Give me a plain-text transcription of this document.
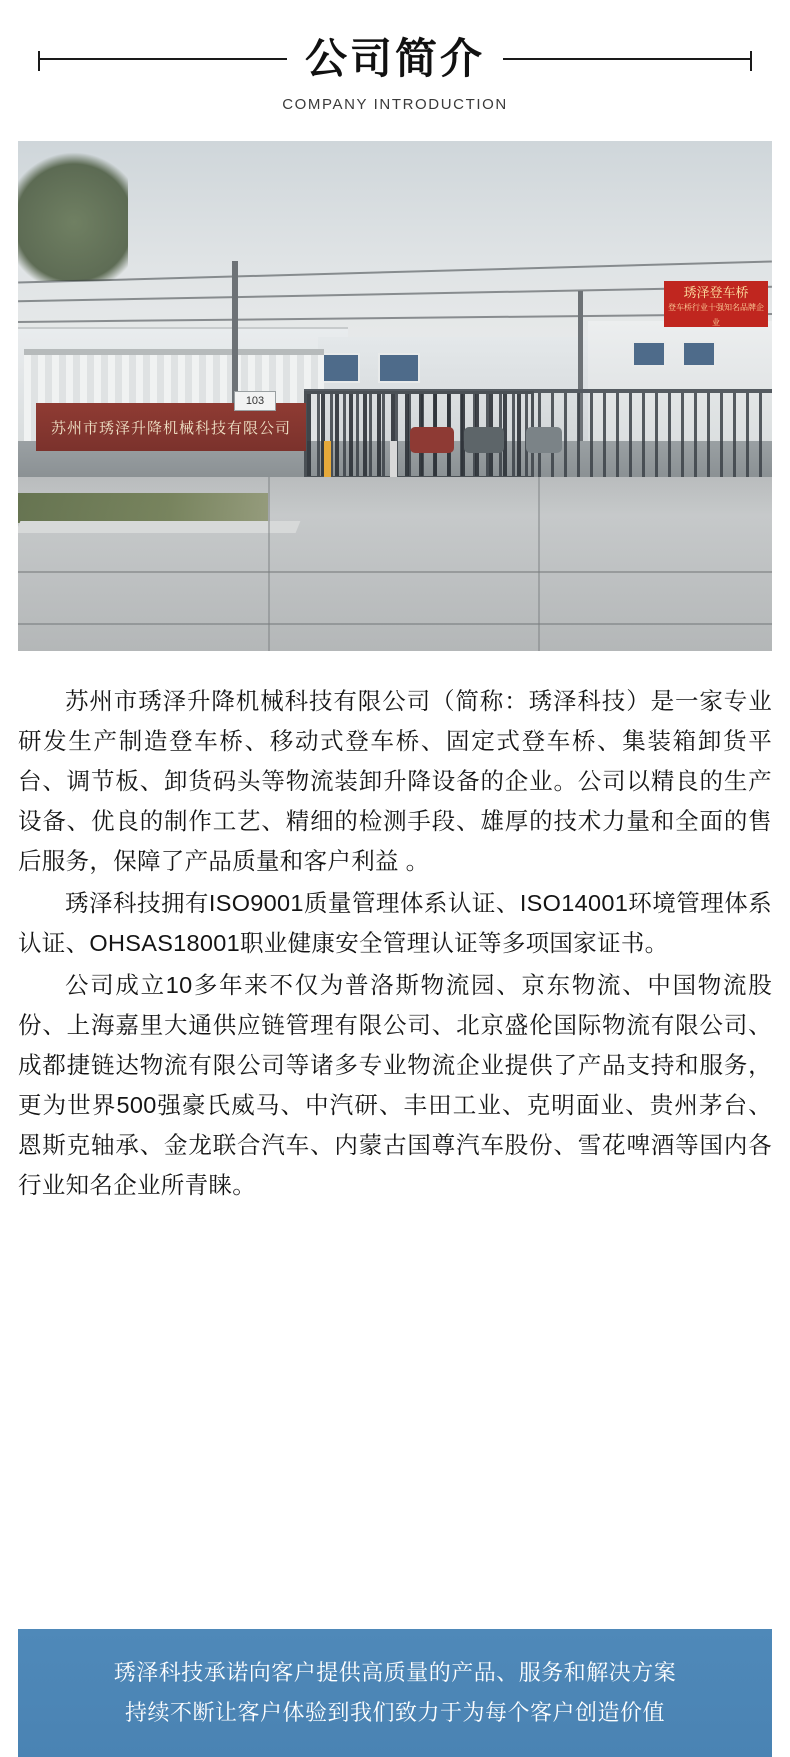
公司简介
COMPANY INTRODUCTION
苏州市琇泽升降机械科技有限公司
103
琇泽登车桥
登车桥行业十强知名品牌企业

苏州市琇泽升降机械科技有限公司（简称：琇泽科技）是一家专业研发生产制造登车桥、移动式登车桥、固定式登车桥、集装箱卸货平台、调节板、卸货码头等物流装卸升降设备的企业。公司以精良的生产设备、优良的制作工艺、精细的检测手段、雄厚的技术力量和全面的售后服务，保障了产品质量和客户利益 。

琇泽科技拥有ISO9001质量管理体系认证、ISO14001环境管理体系认证、OHSAS18001职业健康安全管理认证等多项国家证书。

公司成立10多年来不仅为普洛斯物流园、京东物流、中国物流股份、上海嘉里大通供应链管理有限公司、北京盛伦国际物流有限公司、成都捷链达物流有限公司等诸多专业物流企业提供了产品支持和服务，更为世界500强豪氏威马、中汽研、丰田工业、克明面业、贵州茅台、恩斯克轴承、金龙联合汽车、内蒙古国尊汽车股份、雪花啤酒等国内各行业知名企业所青睐。

琇泽科技承诺向客户提供高质量的产品、服务和解决方案
持续不断让客户体验到我们致力于为每个客户创造价值
